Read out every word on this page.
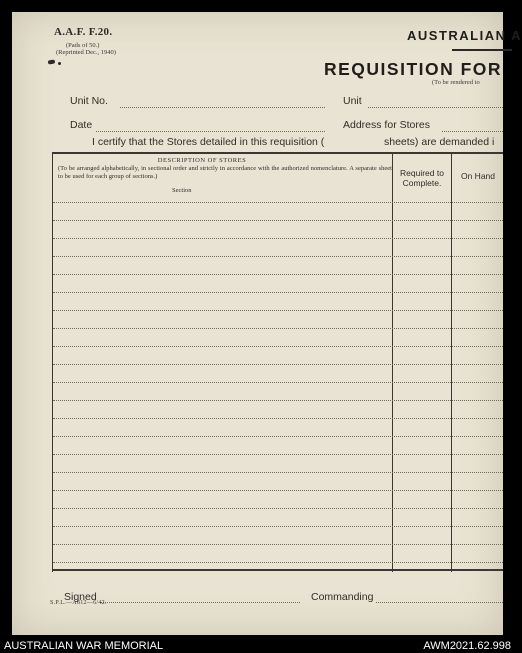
A.A.F. F.20.
(Pads of 50.)
(Reprinted Dec., 1940)
AUSTRALIAN A
REQUISITION FOR
(To be rendered to
Unit No.	Unit
Date	Address for Stores
I certify that the Stores detailed in this requisition (	sheets) are demanded i
DESCRIPTION OF STORES
(To be arranged alphabetically, in sectional order and strictly in accordance with the authorized nomenclature. A separate sheet to be used for each group of sections.)
Section
Required to Complete.
On Hand
Signed	Commanding
S.P.L.—A812—6/42.
AUSTRALIAN WAR MEMORIAL	AWM2021.62.998
